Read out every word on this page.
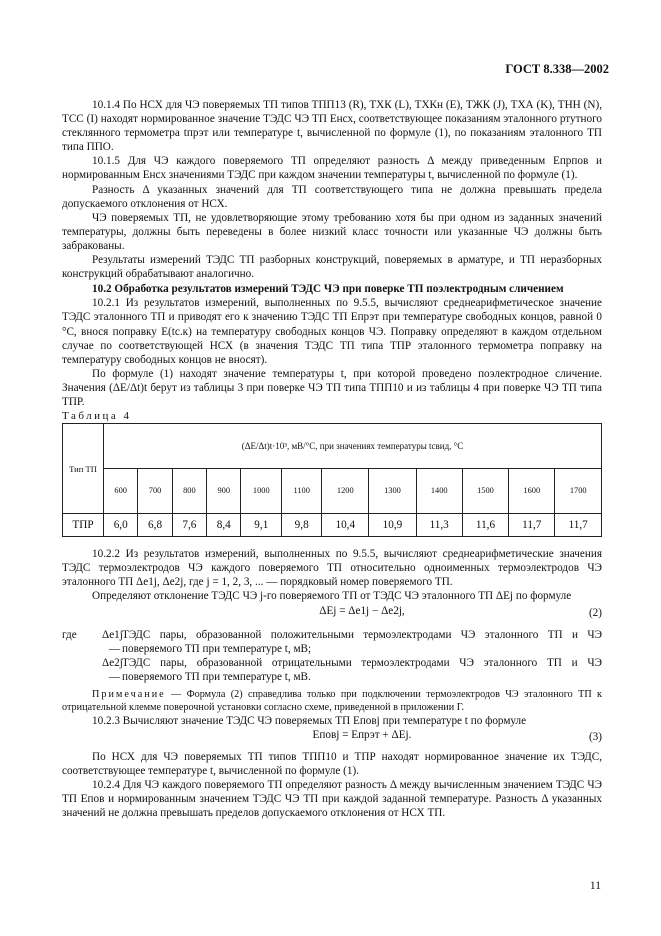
ГОСТ 8.338—2002

10.1.4 По НСХ для ЧЭ поверяемых ТП типов ТПП13 (R), ТХК (L), ТХКн (E), ТЖК (J), ТХА (K), ТНН (N), ТСС (I) находят нормированное значение ТЭДС ЧЭ ТП Eнсх, соответствующее показаниям эталонного ртутного стеклянного термометра tпрэт или температуре t, вычисленной по формуле (1), по показаниям эталонного ТП типа ППО.

10.1.5 Для ЧЭ каждого поверяемого ТП определяют разность Δ между приведенным Eпрпов и нормированным Eнсх значениями ТЭДС при каждом значении температуры t, вычисленной по формуле (1).

Разность Δ указанных значений для ТП соответствующего типа не должна превышать предела допускаемого отклонения от НСХ.

ЧЭ поверяемых ТП, не удовлетворяющие этому требованию хотя бы при одном из заданных значений температуры, должны быть переведены в более низкий класс точности или указанные ЧЭ должны быть забракованы.

Результаты измерений ТЭДС ТП разборных конструкций, поверяемых в арматуре, и ТП неразборных конструкций обрабатывают аналогично.

10.2 Обработка результатов измерений ТЭДС ЧЭ при поверке ТП поэлектродным сличением

10.2.1 Из результатов измерений, выполненных по 9.5.5, вычисляют среднеарифметическое значение ТЭДС эталонного ТП и приводят его к значению ТЭДС ТП Eпрэт при температуре свободных концов, равной 0 °C, внося поправку E(tс.к) на температуру свободных концов ЧЭ. Поправку определяют в каждом отдельном случае по соответствующей НСХ (в значения ТЭДС ТП типа ТПР эталонного термометра поправку на температуру свободных концов не вносят).

По формуле (1) находят значение температуры t, при которой проведено поэлектродное сличение. Значения (ΔE/Δt)t берут из таблицы 3 при поверке ЧЭ ТП типа ТПП10 и из таблицы 4 при поверке ЧЭ ТП типа ТПР.

Таблица 4

Тип ТП	(ΔE/Δt)t·10³, мВ/°С, при значениях температуры tсвид, °С											
	600	700	800	900	1000	1100	1200	1300	1400	1500	1600	1700
ТПР	6,0	6,8	7,6	8,4	9,1	9,8	10,4	10,9	11,3	11,6	11,7	11,7

10.2.2 Из результатов измерений, выполненных по 9.5.5, вычисляют среднеарифметические значения ТЭДС термоэлектродов ЧЭ каждого поверяемого ТП относительно одноименных термоэлектродов ЧЭ эталонного ТП Δe1j, Δe2j, где j = 1, 2, 3, ... — порядковый номер поверяемого ТП.

Определяют отклонение ТЭДС ЧЭ j-го поверяемого ТП от ТЭДС ЧЭ эталонного ТП ΔEj по формуле

ΔEj = Δe1j − Δe2j,	(2)
где	Δe1j —
ТЭДС пары, образованной положительными термоэлектродами ЧЭ эталонного ТП и ЧЭ поверяемого ТП при температуре t, мВ;
Δe2j —
ТЭДС пары, образованной отрицательными термоэлектродами ЧЭ эталонного ТП и ЧЭ поверяемого ТП при температуре t, мВ.

Примечание — Формула (2) справедлива только при подключении термоэлектродов ЧЭ эталонного ТП к отрицательной клемме поверочной установки согласно схеме, приведенной в приложении Г.

10.2.3 Вычисляют значение ТЭДС ЧЭ поверяемых ТП Eповj при температуре t по формуле

Eповj = Eпрэт + ΔEj.	(3)

По НСХ для ЧЭ поверяемых ТП типов ТПП10 и ТПР находят нормированное значение их ТЭДС, соответствующее температуре t, вычисленной по формуле (1).

10.2.4 Для ЧЭ каждого поверяемого ТП определяют разность Δ между вычисленным значением ТЭДС ЧЭ ТП Eпов и нормированным значением ТЭДС ЧЭ ТП при каждой заданной температуре. Разность Δ указанных значений не должна превышать пределов допускаемого отклонения от НСХ ТП.

11
